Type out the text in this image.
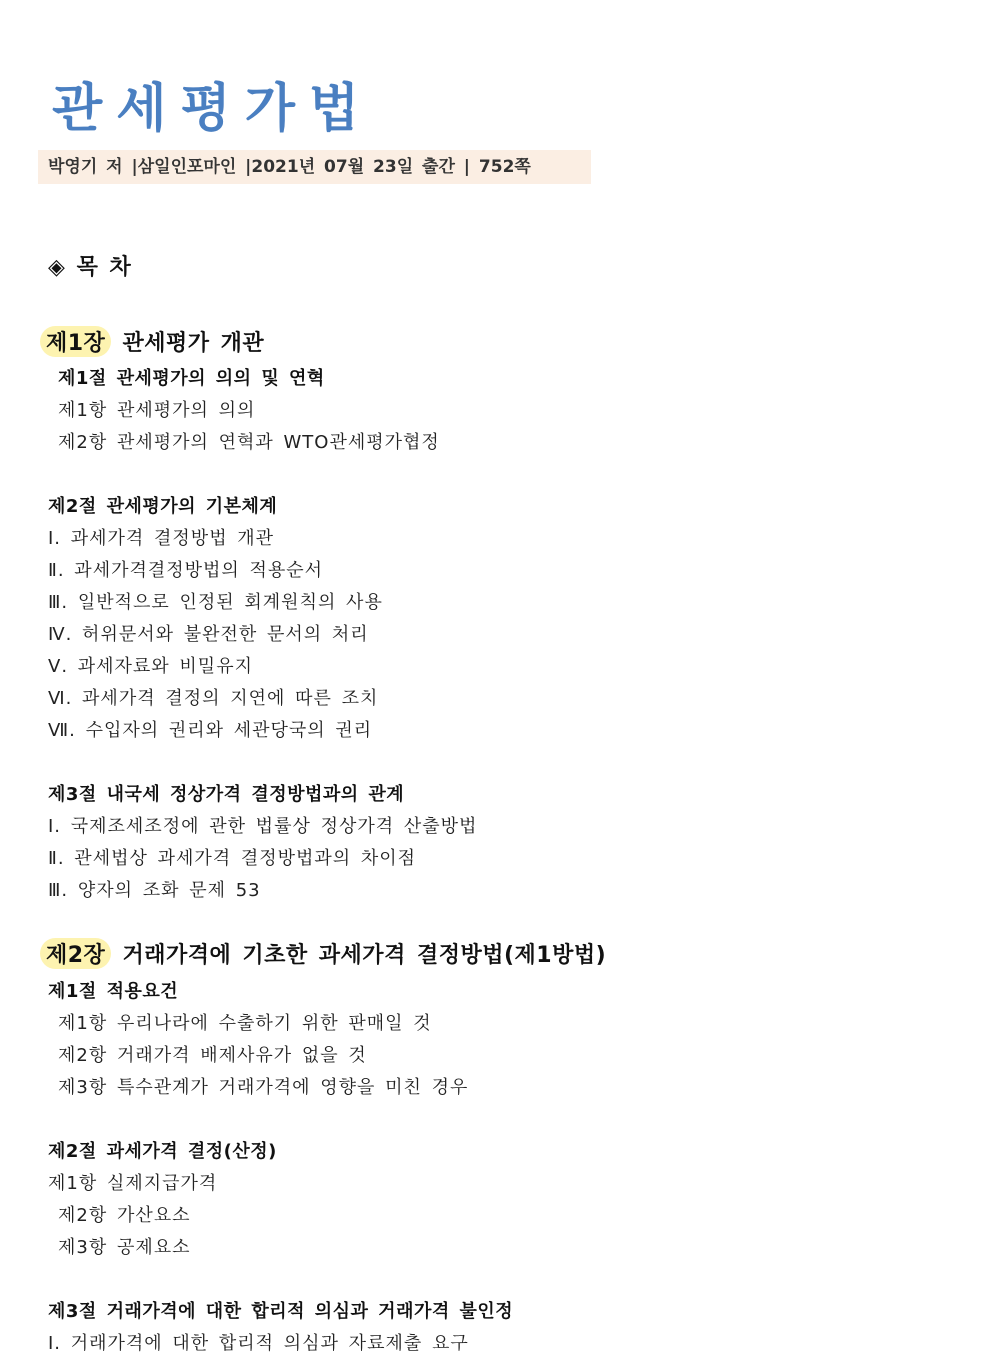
관세평가법
박영기 저 |삼일인포마인 |2021년 07월 23일 출간 | 752쪽
◈ 목 차
제1장 관세평가 개관
제1절 관세평가의 의의 및 연혁
제1항 관세평가의 의의
제2항 관세평가의 연혁과 WTO관세평가협정
제2절 관세평가의 기본체계
Ⅰ. 과세가격 결정방법 개관
Ⅱ. 과세가격결정방법의 적용순서
Ⅲ. 일반적으로 인정된 회계원칙의 사용
Ⅳ. 허위문서와 불완전한 문서의 처리
Ⅴ. 과세자료와 비밀유지
Ⅵ. 과세가격 결정의 지연에 따른 조치
Ⅶ. 수입자의 권리와 세관당국의 권리
제3절 내국세 정상가격 결정방법과의 관계
Ⅰ. 국제조세조정에 관한 법률상 정상가격 산출방법
Ⅱ. 관세법상 과세가격 결정방법과의 차이점
Ⅲ. 양자의 조화 문제 53
제2장 거래가격에 기초한 과세가격 결정방법(제1방법)
제1절 적용요건
제1항 우리나라에 수출하기 위한 판매일 것
제2항 거래가격 배제사유가 없을 것
제3항 특수관계가 거래가격에 영향을 미친 경우
제2절 과세가격 결정(산정)
제1항 실제지급가격
제2항 가산요소
제3항 공제요소
제3절 거래가격에 대한 합리적 의심과 거래가격 불인정
Ⅰ. 거래가격에 대한 합리적 의심과 자료제출 요구
